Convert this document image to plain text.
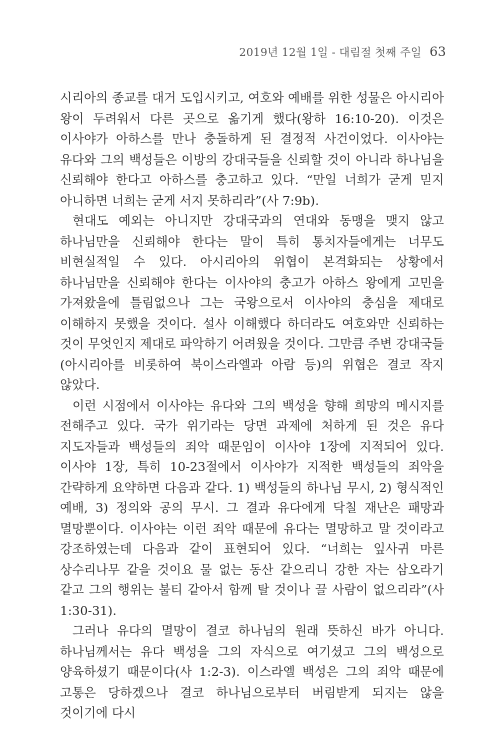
2019년 12월 1일 - 대림절 첫째 주일 63

시리아의 종교를 대거 도입시키고, 여호와 예배를 위한 성물은 아시리아 왕이 두려워서 다른 곳으로 옮기게 했다(왕하 16:10-20). 이것은 이사야가 아하스를 만나 충돌하게 된 결정적 사건이었다. 이사야는 유다와 그의 백성들은 이방의 강대국들을 신뢰할 것이 아니라 하나님을 신뢰해야 한다고 아하스를 충고하고 있다. “만일 너희가 굳게 믿지 아니하면 너희는 굳게 서지 못하리라”(사 7:9b).

현대도 예외는 아니지만 강대국과의 연대와 동맹을 맺지 않고 하나님만을 신뢰해야 한다는 말이 특히 통치자들에게는 너무도 비현실적일 수 있다. 아시리아의 위협이 본격화되는 상황에서 하나님만을 신뢰해야 한다는 이사야의 충고가 아하스 왕에게 고민을 가져왔을에 틀림없으나 그는 국왕으로서 이사야의 충심을 제대로 이해하지 못했을 것이다. 설사 이해했다 하더라도 여호와만 신뢰하는 것이 무엇인지 제대로 파악하기 어려웠을 것이다. 그만큼 주변 강대국들(아시리아를 비롯하여 북이스라엘과 아람 등)의 위협은 결코 작지 않았다.

이런 시점에서 이사야는 유다와 그의 백성을 향해 희망의 메시지를 전해주고 있다. 국가 위기라는 당면 과제에 처하게 된 것은 유다 지도자들과 백성들의 죄악 때문임이 이사야 1장에 지적되어 있다. 이사야 1장, 특히 10-23절에서 이사야가 지적한 백성들의 죄악을 간략하게 요약하면 다음과 같다. 1) 백성들의 하나님 무시, 2) 형식적인 예배, 3) 정의와 공의 무시. 그 결과 유다에게 닥칠 재난은 패망과 멸망뿐이다. 이사야는 이런 죄악 때문에 유다는 멸망하고 말 것이라고 강조하였는데 다음과 같이 표현되어 있다. “너희는 잎사귀 마른 상수리나무 같을 것이요 물 없는 동산 같으리니 강한 자는 삼오라기 같고 그의 행위는 불티 같아서 함께 탈 것이나 끌 사람이 없으리라”(사 1:30-31).

그러나 유다의 멸망이 결코 하나님의 원래 뜻하신 바가 아니다. 하나님께서는 유다 백성을 그의 자식으로 여기셨고 그의 백성으로 양육하셨기 때문이다(사 1:2-3). 이스라엘 백성은 그의 죄악 때문에 고통은 당하겠으나 결코 하나님으로부터 버림받게 되지는 않을 것이기에 다시
